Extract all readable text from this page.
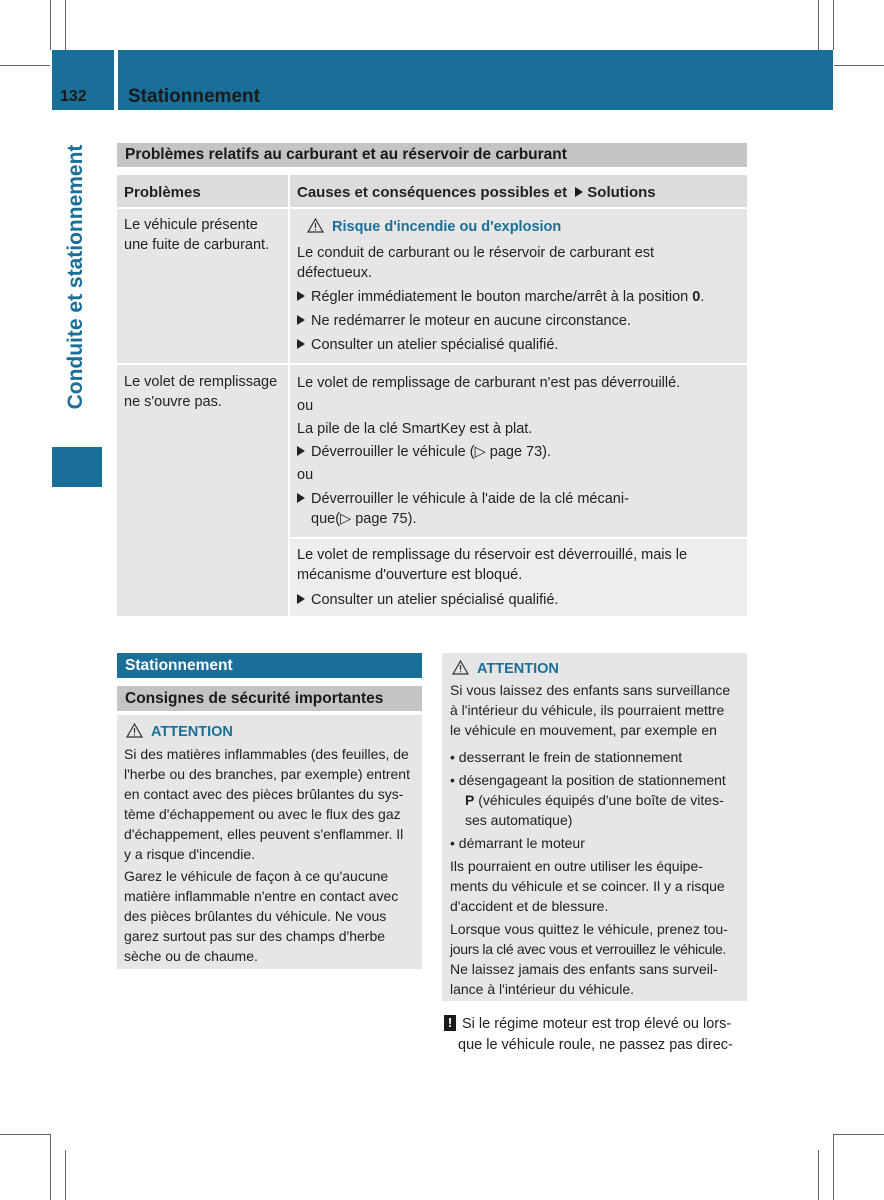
132 Stationnement
Conduite et stationnement	Problèmes relatifs au carburant et au réservoir de carburant
Problèmes	Causes et conséquences possibles et Solutions
Le véhicule présente une fuite de carburant.
Risque d'incendie ou d'explosion
Le conduit de carburant ou le réservoir de carburant est défectueux.
Régler immédiatement le bouton marche/arrêt à la position 0.
Ne redémarrer le moteur en aucune circonstance.
Consulter un atelier spécialisé qualifié.
Le volet de remplissage ne s'ouvre pas.
Le volet de remplissage de carburant n'est pas déverrouillé.
ou
La pile de la clé SmartKey est à plat.
Déverrouiller le véhicule (▷ page 73).
ou
Déverrouiller le véhicule à l'aide de la clé mécani-
que(▷ page 75).
Le volet de remplissage du réservoir est déverrouillé, mais le
mécanisme d'ouverture est bloqué.
Consulter un atelier spécialisé qualifié.
Stationnement
Consignes de sécurité importantes
ATTENTION
Si des matières inflammables (des feuilles, de
l'herbe ou des branches, par exemple) entrent
en contact avec des pièces brûlantes du sys-
tème d'échappement ou avec le flux des gaz
d'échappement, elles peuvent s'enflammer. Il
y a risque d'incendie.
Garez le véhicule de façon à ce qu'aucune
matière inflammable n'entre en contact avec
des pièces brûlantes du véhicule. Ne vous
garez surtout pas sur des champs d'herbe
sèche ou de chaume.
ATTENTION
Si vous laissez des enfants sans surveillance
à l'intérieur du véhicule, ils pourraient mettre
le véhicule en mouvement, par exemple en
• desserrant le frein de stationnement
• désengageant la position de stationnement
P (véhicules équipés d'une boîte de vites-
ses automatique)
• démarrant le moteur
Ils pourraient en outre utiliser les équipe-
ments du véhicule et se coincer. Il y a risque
d'accident et de blessure.
Lorsque vous quittez le véhicule, prenez tou-
jours la clé avec vous et verrouillez le véhicule.
Ne laissez jamais des enfants sans surveil-
lance à l'intérieur du véhicule.
! Si le régime moteur est trop élevé ou lors-
que le véhicule roule, ne passez pas direc-
